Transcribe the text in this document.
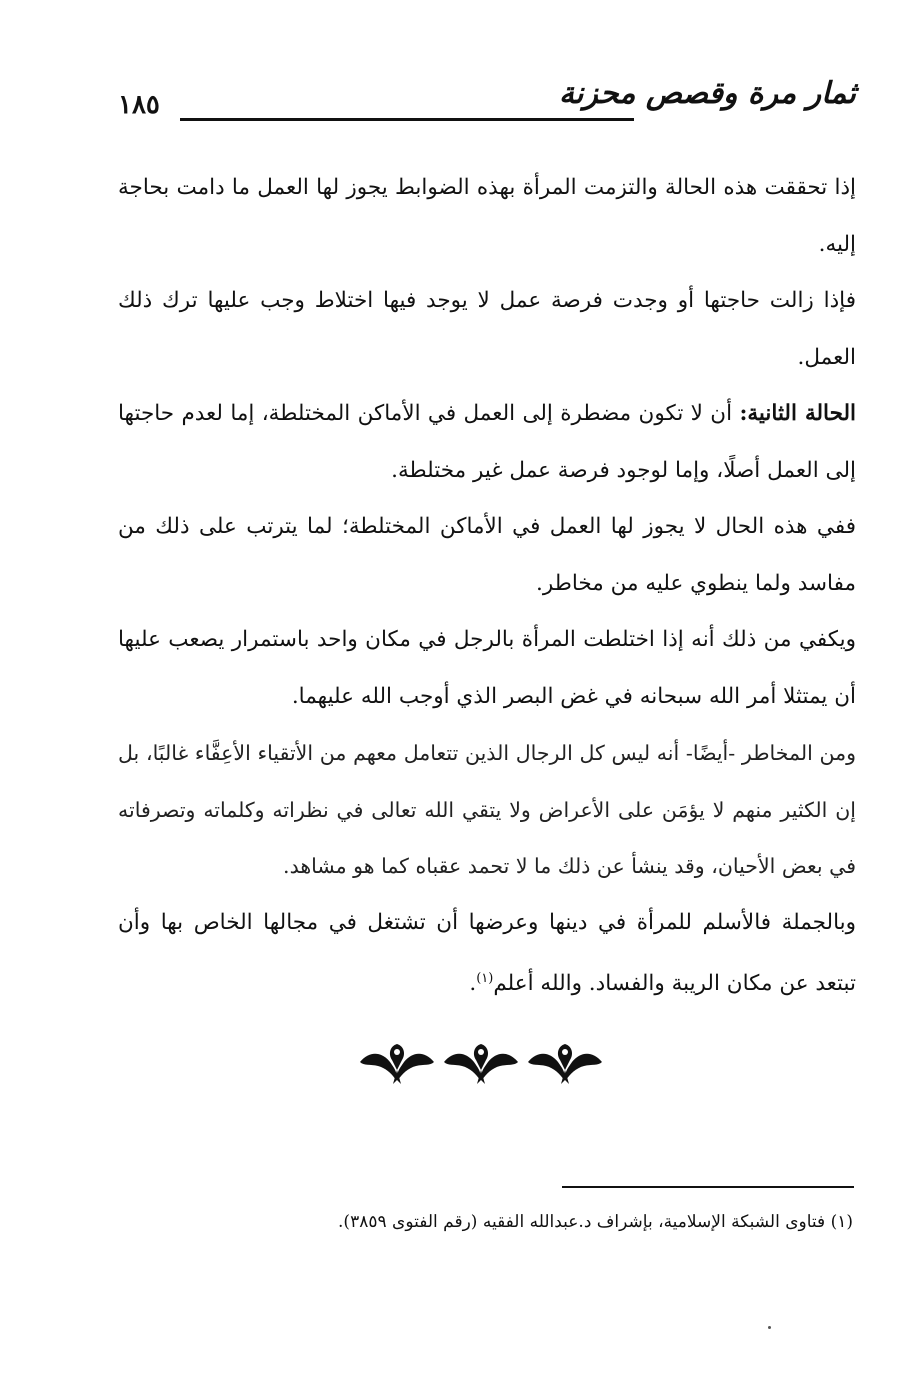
ثمار مرة وقصص محزنة
١٨٥

إذا تحققت هذه الحالة والتزمت المرأة بهذه الضوابط يجوز لها العمل ما دامت بحاجة إليه.

فإذا زالت حاجتها أو وجدت فرصة عمل لا يوجد فيها اختلاط وجب عليها ترك ذلك العمل.

الحالة الثانية: أن لا تكون مضطرة إلى العمل في الأماكن المختلطة، إما لعدم حاجتها إلى العمل أصلًا، وإما لوجود فرصة عمل غير مختلطة.

ففي هذه الحال لا يجوز لها العمل في الأماكن المختلطة؛ لما يترتب على ذلك من مفاسد ولما ينطوي عليه من مخاطر.

ويكفي من ذلك أنه إذا اختلطت المرأة بالرجل في مكان واحد باستمرار يصعب عليها أن يمتثلا أمر الله سبحانه في غض البصر الذي أوجب الله عليهما.

ومن المخاطر -أيضًا- أنه ليس كل الرجال الذين تتعامل معهم من الأتقياء الأعِفَّاء غالبًا، بل إن الكثير منهم لا يؤمَن على الأعراض ولا يتقي الله تعالى في نظراته وكلماته وتصرفاته في بعض الأحيان، وقد ينشأ عن ذلك ما لا تحمد عقباه كما هو مشاهد.

وبالجملة فالأسلم للمرأة في دينها وعرضها أن تشتغل في مجالها الخاص بها وأن تبتعد عن مكان الريبة والفساد. والله أعلم$^{(١)}$.

(١) فتاوى الشبكة الإسلامية، بإشراف د.عبدالله الفقيه (رقم الفتوى ٣٨٥٩).
